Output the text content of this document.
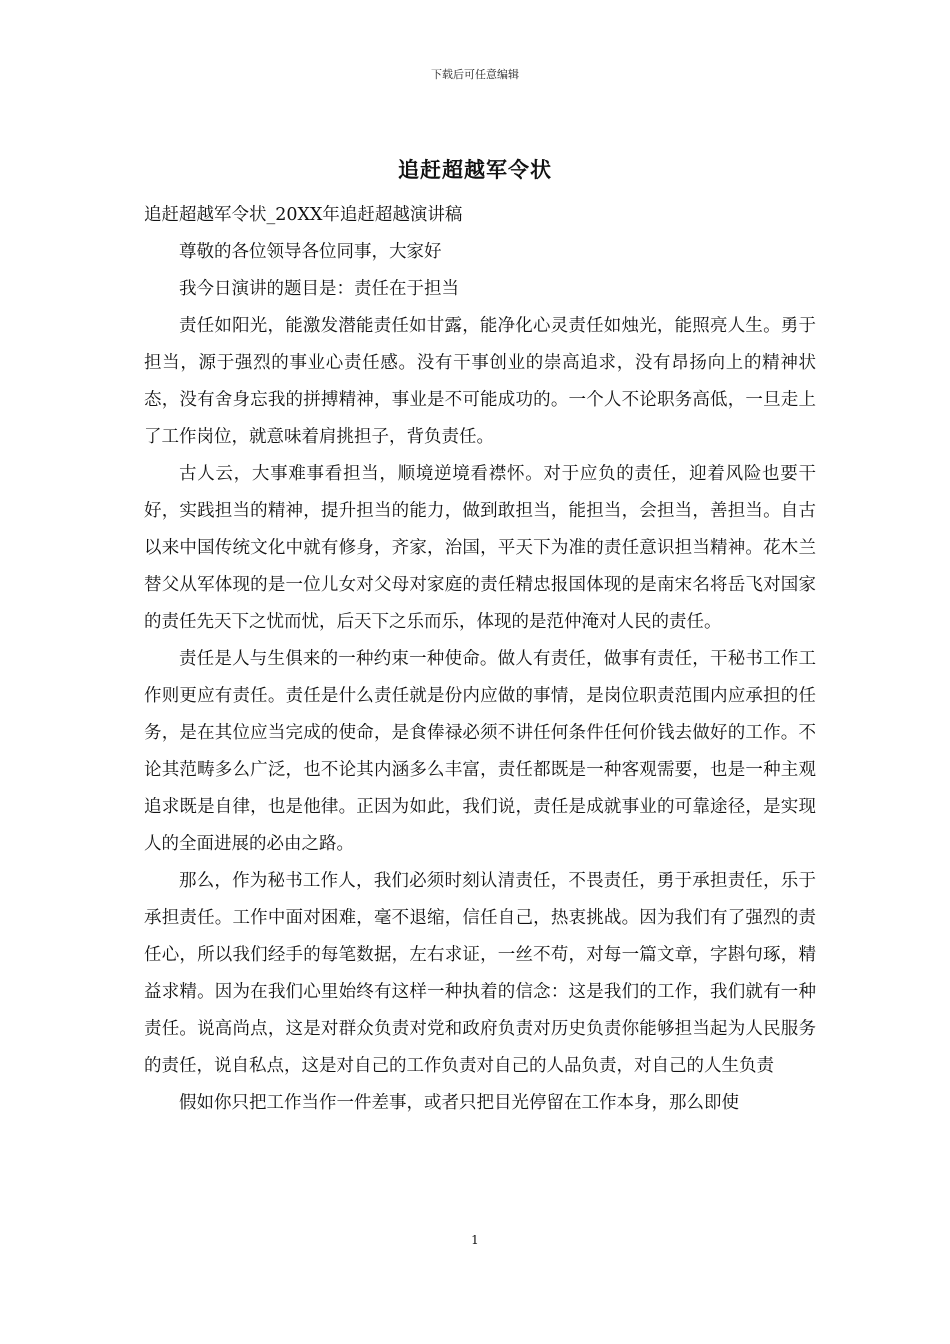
下载后可任意编辑
追赶超越军令状

追赶超越军令状_20XX年追赶超越演讲稿

尊敬的各位领导各位同事，大家好

我今日演讲的题目是：责任在于担当

责任如阳光，能激发潜能责任如甘露，能净化心灵责任如烛光，能照亮人生。勇于担当，源于强烈的事业心责任感。没有干事创业的崇高追求，没有昂扬向上的精神状态，没有舍身忘我的拼搏精神，事业是不可能成功的。一个人不论职务高低，一旦走上了工作岗位，就意味着肩挑担子，背负责任。

古人云，大事难事看担当，顺境逆境看襟怀。对于应负的责任，迎着风险也要干好，实践担当的精神，提升担当的能力，做到敢担当，能担当，会担当，善担当。自古以来中国传统文化中就有修身，齐家，治国，平天下为准的责任意识担当精神。花木兰替父从军体现的是一位儿女对父母对家庭的责任精忠报国体现的是南宋名将岳飞对国家的责任先天下之忧而忧，后天下之乐而乐，体现的是范仲淹对人民的责任。

责任是人与生俱来的一种约束一种使命。做人有责任，做事有责任，干秘书工作工作则更应有责任。责任是什么责任就是份内应做的事情，是岗位职责范围内应承担的任务，是在其位应当完成的使命，是食俸禄必须不讲任何条件任何价钱去做好的工作。不论其范畴多么广泛，也不论其内涵多么丰富，责任都既是一种客观需要，也是一种主观追求既是自律，也是他律。正因为如此，我们说，责任是成就事业的可靠途径，是实现人的全面进展的必由之路。

那么，作为秘书工作人，我们必须时刻认清责任，不畏责任，勇于承担责任，乐于承担责任。工作中面对困难，毫不退缩，信任自己，热衷挑战。因为我们有了强烈的责任心，所以我们经手的每笔数据，左右求证，一丝不苟，对每一篇文章，字斟句琢，精益求精。因为在我们心里始终有这样一种执着的信念：这是我们的工作，我们就有一种责任。说高尚点，这是对群众负责对党和政府负责对历史负责你能够担当起为人民服务的责任，说自私点，这是对自己的工作负责对自己的人品负责，对自己的人生负责

假如你只把工作当作一件差事，或者只把目光停留在工作本身，那么即使

1
